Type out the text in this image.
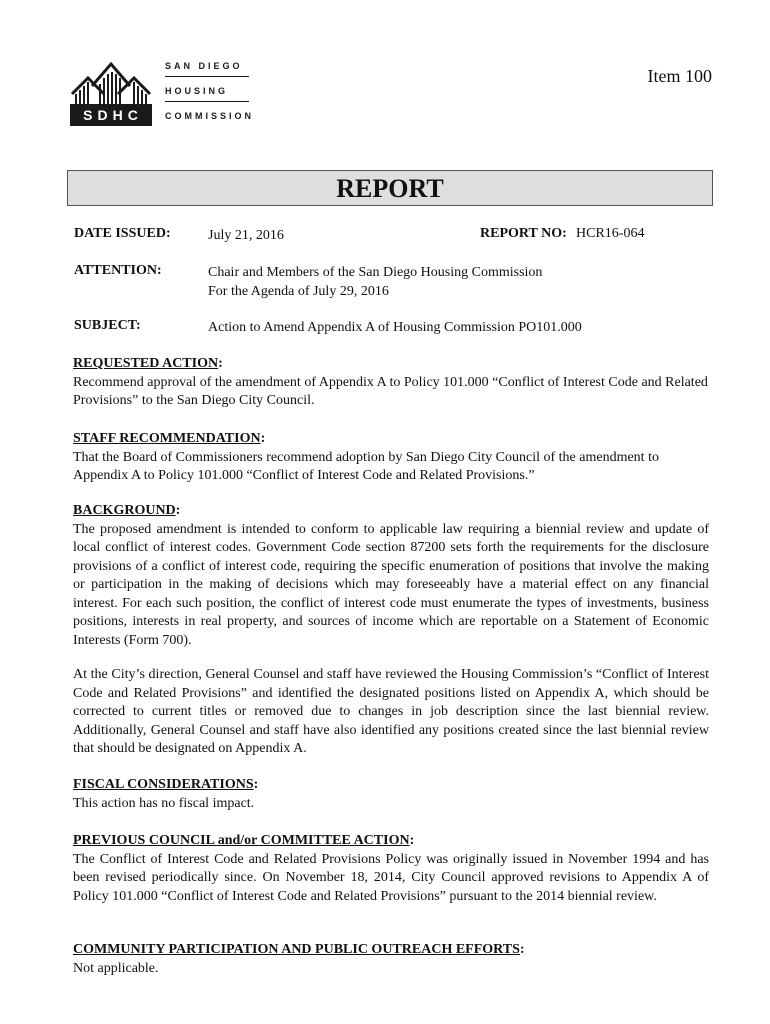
SDHC
SAN DIEGO
HOUSING
COMMISSION
Item 100
REPORT
DATE ISSUED:	July 21, 2016	REPORT NO: HCR16-064
ATTENTION:	Chair and Members of the San Diego Housing Commission
For the Agenda of July 29, 2016
SUBJECT:	Action to Amend Appendix A of Housing Commission PO101.000

REQUESTED ACTION:

Recommend approval of the amendment of Appendix A to Policy 101.000 “Conflict of Interest Code and Related Provisions” to the San Diego City Council.

STAFF RECOMMENDATION:

That the Board of Commissioners recommend adoption by San Diego City Council of the amendment to Appendix A to Policy 101.000 “Conflict of Interest Code and Related Provisions.”

BACKGROUND:

The proposed amendment is intended to conform to applicable law requiring a biennial review and update of local conflict of interest codes. Government Code section 87200 sets forth the requirements for the disclosure provisions of a conflict of interest code, requiring the specific enumeration of positions that involve the making or participation in the making of decisions which may foreseeably have a material effect on any financial interest. For each such position, the conflict of interest code must enumerate the types of investments, business positions, interests in real property, and sources of income which are reportable on a Statement of Economic Interests (Form 700).

At the City’s direction, General Counsel and staff have reviewed the Housing Commission’s “Conflict of Interest Code and Related Provisions” and identified the designated positions listed on Appendix A, which should be corrected to current titles or removed due to changes in job description since the last biennial review. Additionally, General Counsel and staff have also identified any positions created since the last biennial review that should be designated on Appendix A.

FISCAL CONSIDERATIONS:

This action has no fiscal impact.

PREVIOUS COUNCIL and/or COMMITTEE ACTION:

The Conflict of Interest Code and Related Provisions Policy was originally issued in November 1994 and has been revised periodically since. On November 18, 2014, City Council approved revisions to Appendix A of Policy 101.000 “Conflict of Interest Code and Related Provisions” pursuant to the 2014 biennial review.

COMMUNITY PARTICIPATION AND PUBLIC OUTREACH EFFORTS:

Not applicable.
